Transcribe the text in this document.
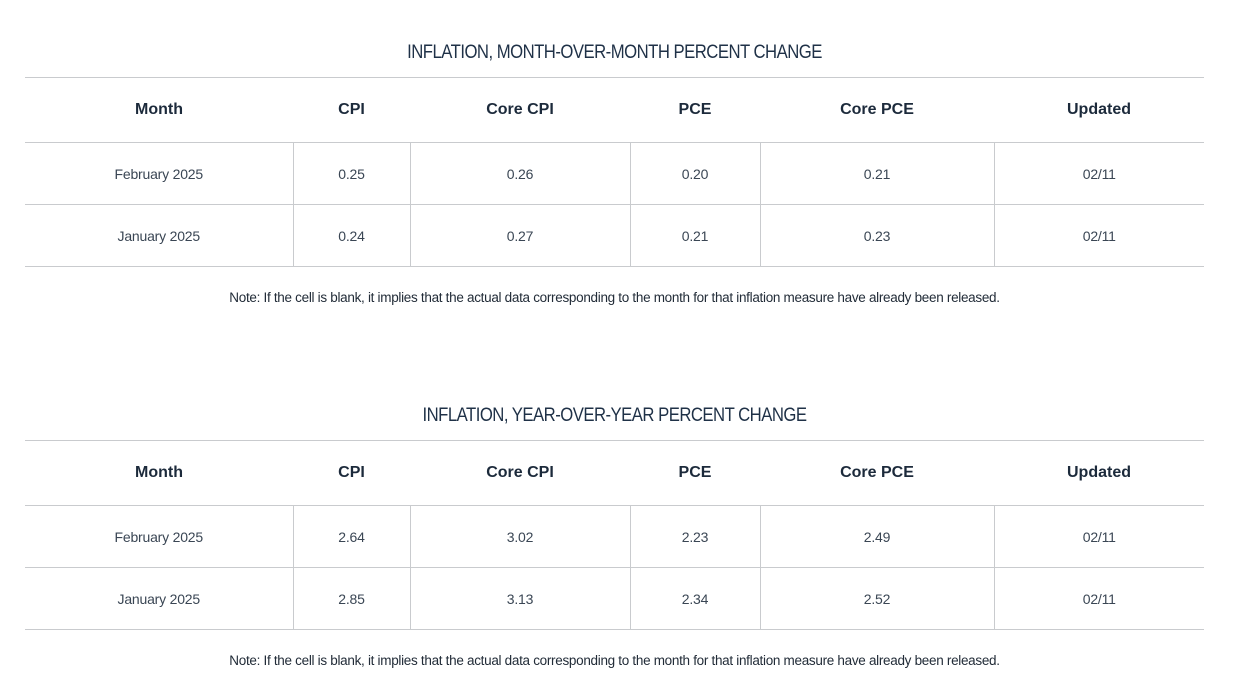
INFLATION, MONTH-OVER-MONTH PERCENT CHANGE
Month	CPI	Core CPI	PCE	Core PCE	Updated
February 2025	0.25	0.26	0.20	0.21	02/11
January 2025	0.24	0.27	0.21	0.23	02/11
Note: If the cell is blank, it implies that the actual data corresponding to the month for that inflation measure have already been released.
INFLATION, YEAR-OVER-YEAR PERCENT CHANGE
Month	CPI	Core CPI	PCE	Core PCE	Updated
February 2025	2.64	3.02	2.23	2.49	02/11
January 2025	2.85	3.13	2.34	2.52	02/11
Note: If the cell is blank, it implies that the actual data corresponding to the month for that inflation measure have already been released.
